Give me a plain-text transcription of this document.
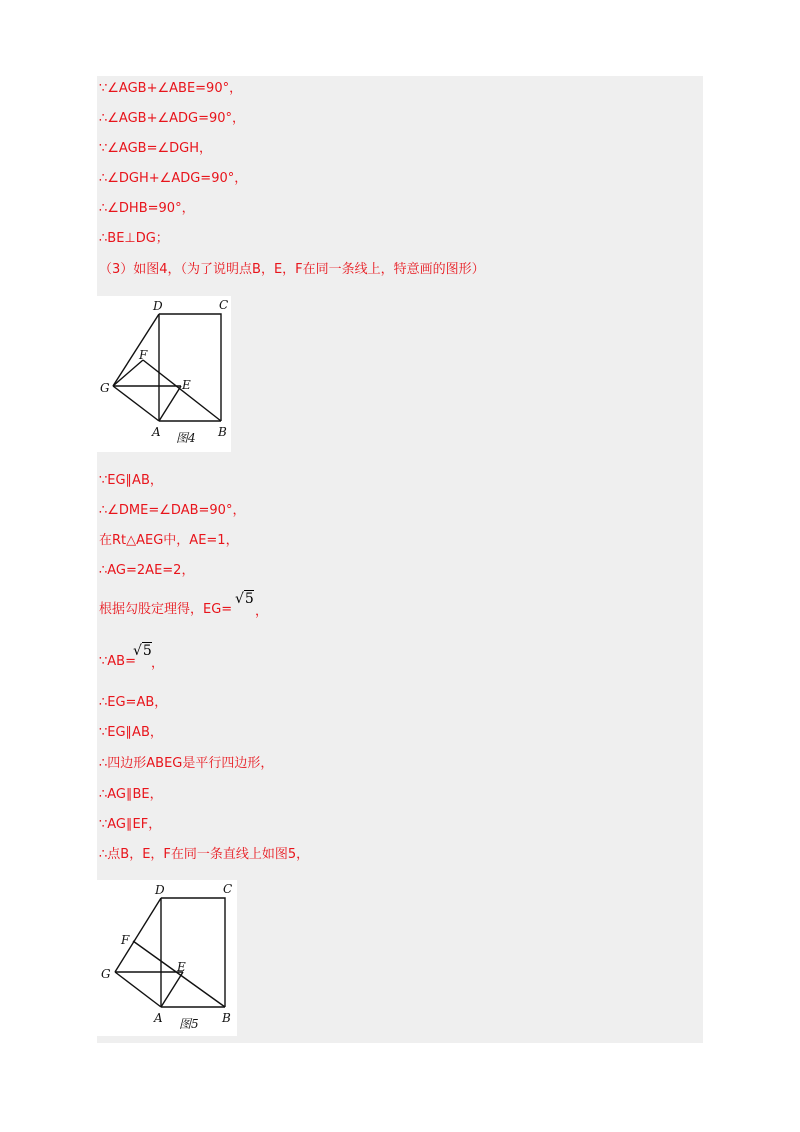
∵∠AGB+∠ABE=90°，
∴∠AGB+∠ADG=90°，
∵∠AGB=∠DGH，
∴∠DGH+∠ADG=90°，
∴∠DHB=90°，
∴BE⊥DG；
（3）如图4，（为了说明点B，E，F在同一条线上，特意画的图形）
D	C
F
G	E
A	B
图4
∵EG∥AB，
∴∠DME=∠DAB=90°，
在Rt△AEG中，AE=1，
∴AG=2AE=2，
根据勾股定理得，EG=
√5
，
∵AB=
√5
，
∴EG=AB，
∵EG∥AB，
∴四边形ABEG是平行四边形，
∴AG∥BE，
∵AG∥EF，
∴点B，E，F在同一条直线上如图5，
D	C
F
G	E
A	B
图5
